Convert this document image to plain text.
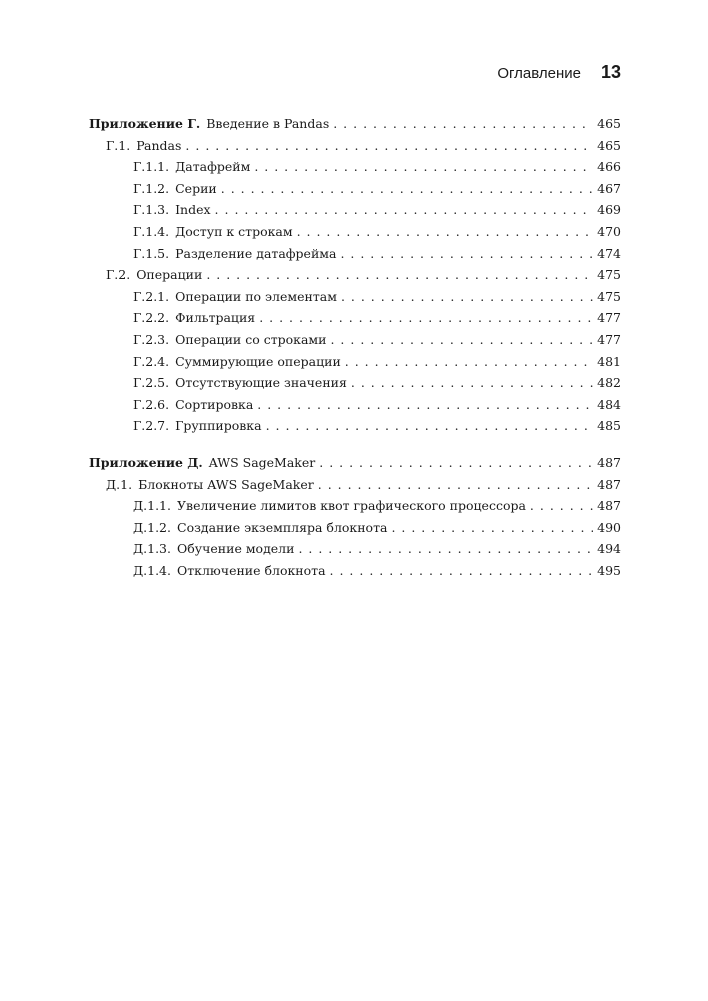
Оглавление 13
Приложение Г. Введение в Pandas . . .	465
Г.1. Pandas . . .	465
Г.1.1. Датафрейм . . .	466
Г.1.2. Серии . . .	467
Г.1.3. Index . . .	469
Г.1.4. Доступ к строкам . . .	470
Г.1.5. Разделение датафрейма . . .	474
Г.2. Операции . . .	475
Г.2.1. Операции по элементам . . .	475
Г.2.2. Фильтрация . . .	477
Г.2.3. Операции со строками . . .	477
Г.2.4. Суммирующие операции . . .	481
Г.2.5. Отсутствующие значения . . .	482
Г.2.6. Сортировка . . .	484
Г.2.7. Группировка . . .	485
Приложение Д. AWS SageMaker . . .	487
Д.1. Блокноты AWS SageMaker . . .	487
Д.1.1. Увеличение лимитов квот графического процессора . . .	487
Д.1.2. Создание экземпляра блокнота . . .	490
Д.1.3. Обучение модели . . .	494
Д.1.4. Отключение блокнота . . .	495
